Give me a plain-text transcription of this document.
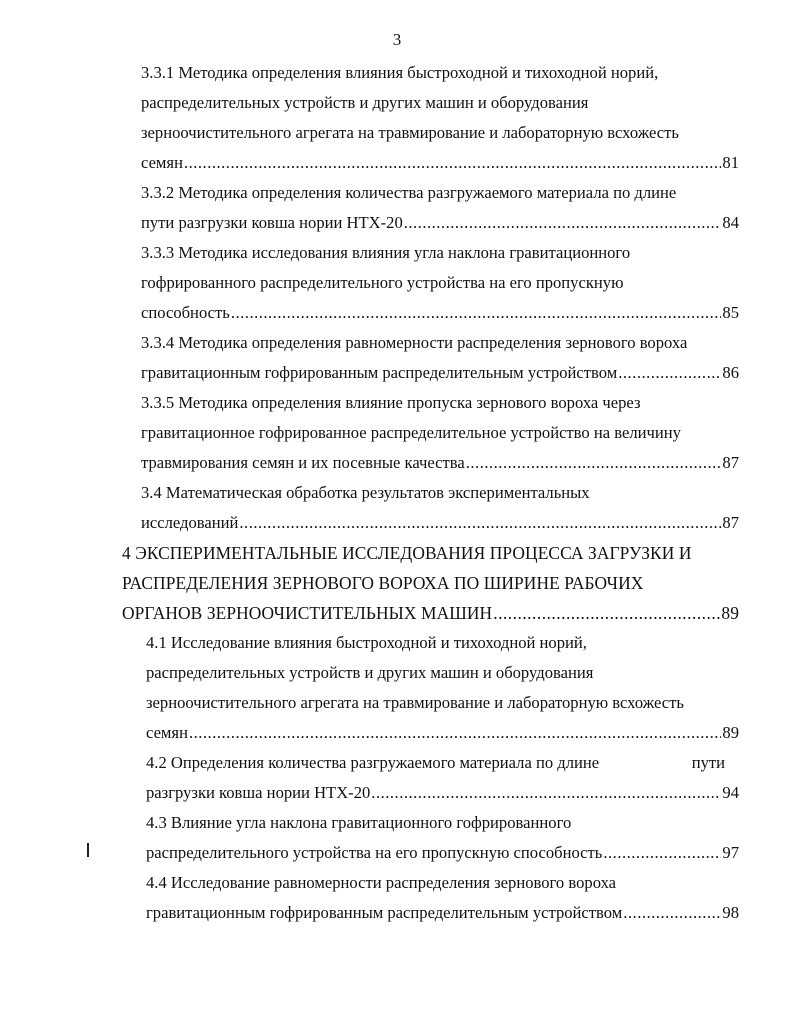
3
3.3.1 Методика определения влияния быстроходной и тихоходной норий,
распределительных устройств и других машин и оборудования
зерноочистительного агрегата на травмирование и лабораторную всхожесть
семян .....	81
3.3.2 Методика определения количества разгружаемого материала по длине
пути разгрузки ковша нории НТХ-20 .....	84
3.3.3 Методика исследования влияния угла наклона гравитационного
гофрированного распределительного устройства на его пропускную
способность .....	85
3.3.4 Методика определения равномерности распределения зернового вороха
гравитационным гофрированным распределительным устройством .....	86
3.3.5 Методика определения влияние пропуска зернового вороха через
гравитационное гофрированное распределительное устройство на величину
травмирования семян и их посевные качества .....	87
3.4 Математическая обработка результатов экспериментальных
исследований .....	87
4 ЭКСПЕРИМЕНТАЛЬНЫЕ ИССЛЕДОВАНИЯ ПРОЦЕССА ЗАГРУЗКИ И
РАСПРЕДЕЛЕНИЯ ЗЕРНОВОГО ВОРОХА ПО ШИРИНЕ РАБОЧИХ
ОРГАНОВ ЗЕРНООЧИСТИТЕЛЬНЫХ МАШИН .....	89
4.1 Исследование влияния быстроходной и тихоходной норий,
распределительных устройств и других машин и оборудования
зерноочистительного агрегата на травмирование и лабораторную всхожесть
семян .....	89
4.2 Определения количества разгружаемого материала по длине	пути
разгрузки ковша нории НТХ-20 .....	94
4.3 Влияние угла наклона гравитационного гофрированного
распределительного устройства на его пропускную способность .....	97
4.4 Исследование равномерности распределения зернового вороха
гравитационным гофрированным распределительным устройством .....	98
